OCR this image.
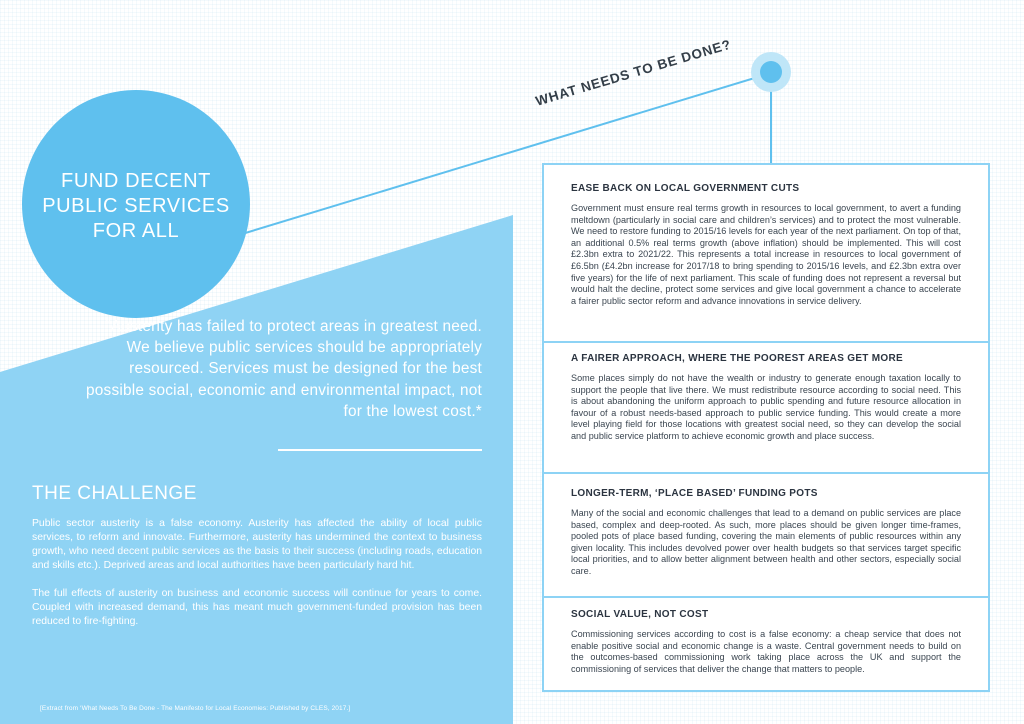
FUND DECENT PUBLIC SERVICES FOR ALL
WHAT NEEDS TO BE DONE?
“Austerity has failed to protect areas in greatest need. We believe public services should be appropriately resourced. Services must be designed for the best possible social, economic and environmental impact, not for the lowest cost.*
THE CHALLENGE

Public sector austerity is a false economy. Austerity has affected the ability of local public services, to reform and innovate. Furthermore, austerity has undermined the context to business growth, who need decent public services as the basis to their success (including roads, education and skills etc.). Deprived areas and local authorities have been particularly hard hit.

The full effects of austerity on business and economic success will continue for years to come. Coupled with increased demand, this has meant much government-funded provision has been reduced to fire-fighting.

[Extract from ‘What Needs To Be Done - The Manifesto for Local Economies: Published by CLES, 2017.]
EASE BACK ON LOCAL GOVERNMENT CUTS

Government must ensure real terms growth in resources to local government, to avert a funding meltdown (particularly in social care and children’s services) and to protect the most vulnerable. We need to restore funding to 2015/16 levels for each year of the next parliament. On top of that, an additional 0.5% real terms growth (above inflation) should be implemented. This will cost £2.3bn extra to 2021/22. This represents a total increase in resources to local government of £6.5bn (£4.2bn increase for 2017/18 to bring spending to 2015/16 levels, and £2.3bn extra over five years) for the life of next parliament. This scale of funding does not represent a reversal but would halt the decline, protect some services and give local government a chance to accelerate a fairer public sector reform and advance innovations in service delivery.

A FAIRER APPROACH, WHERE THE POOREST AREAS GET MORE

Some places simply do not have the wealth or industry to generate enough taxation locally to support the people that live there. We must redistribute resource according to social need. This is about abandoning the uniform approach to public spending and future resource allocation in favour of a robust needs-based approach to public service funding. This would create a more level playing field for those locations with greatest social need, so they can develop the social and public service platform to achieve economic growth and place success.

LONGER-TERM, ‘PLACE BASED’ FUNDING POTS

Many of the social and economic challenges that lead to a demand on public services are place based, complex and deep-rooted. As such, more places should be given longer time-frames, pooled pots of place based funding, covering the main elements of public resources within any given locality. This includes devolved power over health budgets so that services target specific local priorities, and to allow better alignment between health and other sectors, especially social care.

SOCIAL VALUE, NOT COST

Commissioning services according to cost is a false economy: a cheap service that does not enable positive social and economic change is a waste. Central government needs to build on the outcomes-based commissioning work taking place across the UK and support the commissioning of services that deliver the change that matters to people.
